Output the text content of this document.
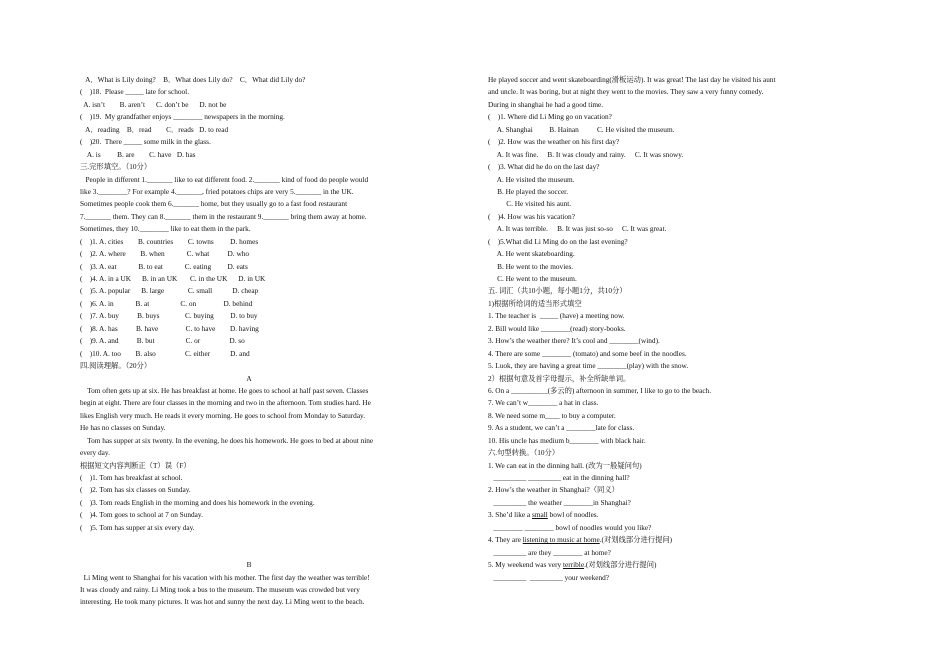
A．What is Lily doing?　B．What does Lily do?　C．What did Lily do?
(　)18.  Please _____ late for school.
A. isn’t        B. aren’t      C. don’t be      D. not be
(　)19.  My grandfather enjoys ________ newspapers in the morning.
A．reading    B．read        C．reads   D. to read
(　)20.  There _____ some milk in the glass.
A. is         B. are        C. have   D. has
三.完形填空。（10分）
People in different 1._______ like to eat different food. 2._______ kind of food do people would
like 3.________? For example 4._______, fried potatoes chips are very 5._______ in the UK.
Sometimes people cook them 6._______ home, but they usually go to a fast food restaurant
7._______ them. They can 8._______ them in the restaurant 9._______ bring them away at home.
Sometimes, they 10.________ like to eat them in the park.
(　)1. A. cities        B. countries        C. towns         D. homes
(　)2. A. where        B. when            C. what          D. who
(　)3. A. eat            B. to eat            C. eating         D. eats
(　)4. A. in a UK      B. in an UK       C. in the UK      D. in UK
(　)5. A. popular      B. large             C. small           D. cheap
(　)6. A. in            B. at                 C. on               D. behind
(　)7. A. buy          B. buys              C. buying         D. to buy
(　)8. A. has          B. have               C. to have        D. having
(　)9. A. and          B. but                 C. or                D. so
(　)10. A. too        B. also                C. either           D. and
四.阅读理解。（20分）
A
Tom often gets up at six. He has breakfast at home. He goes to school at half past seven. Classes
begin at eight. There are four classes in the morning and two in the afternoon. Tom studies hard. He
likes English very much. He reads it every morning. He goes to school from Monday to Saturday.
He has no classes on Sunday.
Tom has supper at six twenty. In the evening, he does his homework. He goes to bed at about nine
every day.
根据短文内容判断正（T）误（F）
(　)1. Tom has breakfast at school.
(　)2. Tom has six classes on Sunday.
(　)3. Tom reads English in the morning and does his homework in the evening.
(　)4. Tom goes to school at 7 on Sunday.
(　)5. Tom has supper at six every day.
B
Li Ming went to Shanghai for his vacation with his mother. The first day the weather was terrible!
It was cloudy and rainy. Li Ming took a bus to the museum. The museum was crowded but very
interesting. He took many pictures. It was hot and sunny the next day. Li Ming went to the beach.
He played soccer and went skateboarding(滑板运动). It was great! The last day he visited his aunt
and uncle. It was boring, but at night they went to the movies. They saw a very funny comedy.
During in shanghai he had a good time.
(　)1. Where did Li Ming go on vacation?
A. Shanghai         B. Hainan          C. He visited the museum.
(　)2. How was the weather on his first day?
A. It was fine.     B. It was cloudy and rainy.     C. It was snowy.
(　)3. What did he do on the last day?
A. He visited the museum.
B. He played the soccer.
C. He visited his aunt.
(　)4. How was his vacation?
A. It was terrible.     B. It was just so-so     C. It was great.
(　)5.What did Li Ming do on the last evening?
A. He went skateboarding.
B. He went to the movies.
C. He went to the museum.
五. 词汇（共10小题，每小题1分，共10分）
1)根据所给词的适当形式填空
1. The teacher is  _____ (have) a meeting now.
2. Bill would like ________(read) story-books.
3. How’s the weather there? It’s cool and ________(wind).
4. There are some ________ (tomato) and some beef in the noodles.
5. Luok, they are having a great time ________(play) with the snow.
2）根据句意及首字母提示，补全所缺单词。
6. On a __________(多云的) afternoon in summer, I like to go to the beach.
7. We can’t w________ a hat in class.
8. We need some m____ to buy a computer.
9. As a student, we can’t a ________late for class.
10. His uncle has medium b________ with black hair.
六.句型转换。（10分）
1. We can eat in the dinning hall. (改为一般疑问句)
_________ _________ eat in the dinning hall?
2. How’s the weather in Shanghai?（同义）
_________ the weather ________in Shanghai?
3. She’d like a small bowl of noodles.
________ ________ bowl of noodles would you like?
4. They are listening to music at home.(对划线部分进行提问)
_________ are they ________ at home?
5. My weekend was very terrible.(对划线部分进行提问)
_________  _________ your weekend?
